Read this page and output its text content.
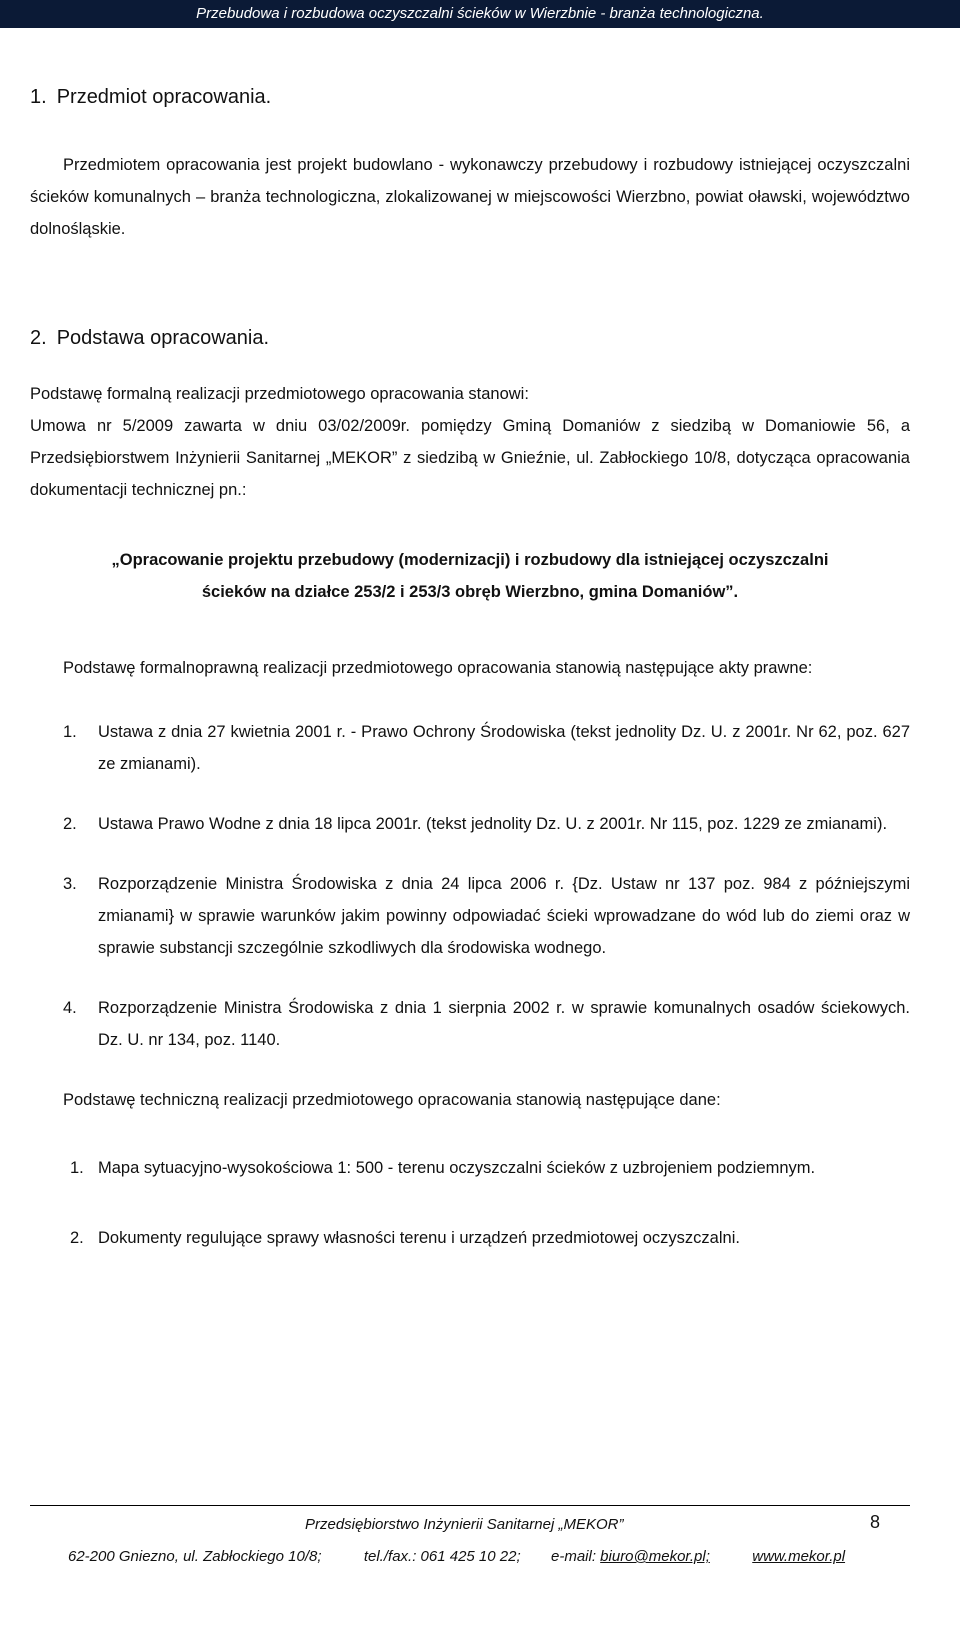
Przebudowa i rozbudowa oczyszczalni ścieków w Wierzbnie - branża technologiczna.
1. Przedmiot opracowania.

Przedmiotem opracowania jest projekt budowlano - wykonawczy przebudowy i rozbudowy istniejącej oczyszczalni ścieków komunalnych – branża technologiczna, zlokalizowanej w miejscowości Wierzbno, powiat oławski, województwo dolnośląskie.

2. Podstawa opracowania.

Podstawę formalną realizacji przedmiotowego opracowania stanowi:

Umowa nr 5/2009 zawarta w dniu 03/02/2009r. pomiędzy Gminą Domaniów z siedzibą w Domaniowie 56, a Przedsiębiorstwem Inżynierii Sanitarnej „MEKOR” z siedzibą w Gnieźnie, ul. Zabłockiego 10/8, dotycząca opracowania dokumentacji technicznej pn.:

„Opracowanie projektu przebudowy (modernizacji) i rozbudowy dla istniejącej oczyszczalni
ścieków na działce 253/2 i 253/3 obręb Wierzbno, gmina Domaniów”.

Podstawę formalnoprawną realizacji przedmiotowego opracowania stanowią następujące akty prawne:

1. Ustawa z dnia 27 kwietnia 2001 r. - Prawo Ochrony Środowiska (tekst jednolity Dz. U. z 2001r. Nr 62, poz. 627 ze zmianami).
2. Ustawa Prawo Wodne z dnia 18 lipca 2001r. (tekst jednolity Dz. U. z 2001r. Nr 115, poz. 1229 ze zmianami).
3. Rozporządzenie Ministra Środowiska z dnia 24 lipca 2006 r. {Dz. Ustaw nr 137 poz. 984 z późniejszymi zmianami} w sprawie warunków jakim powinny odpowiadać ścieki wprowadzane do wód lub do ziemi oraz w sprawie substancji szczególnie szkodliwych dla środowiska wodnego.
4. Rozporządzenie Ministra Środowiska z dnia 1 sierpnia 2002 r. w sprawie komunalnych osadów ściekowych. Dz. U. nr 134, poz. 1140.

Podstawę techniczną realizacji przedmiotowego opracowania stanowią następujące dane:

1. Mapa sytuacyjno-wysokościowa 1: 500 - terenu oczyszczalni ścieków z uzbrojeniem podziemnym.
2. Dokumenty regulujące sprawy własności terenu i urządzeń przedmiotowej oczyszczalni.
Przedsiębiorstwo Inżynierii Sanitarnej „MEKOR”	8
62-200 Gniezno, ul. Zabłockiego 10/8;	tel./fax.: 061 425 10 22; e-mail: biuro@mekor.pl;	www.mekor.pl
